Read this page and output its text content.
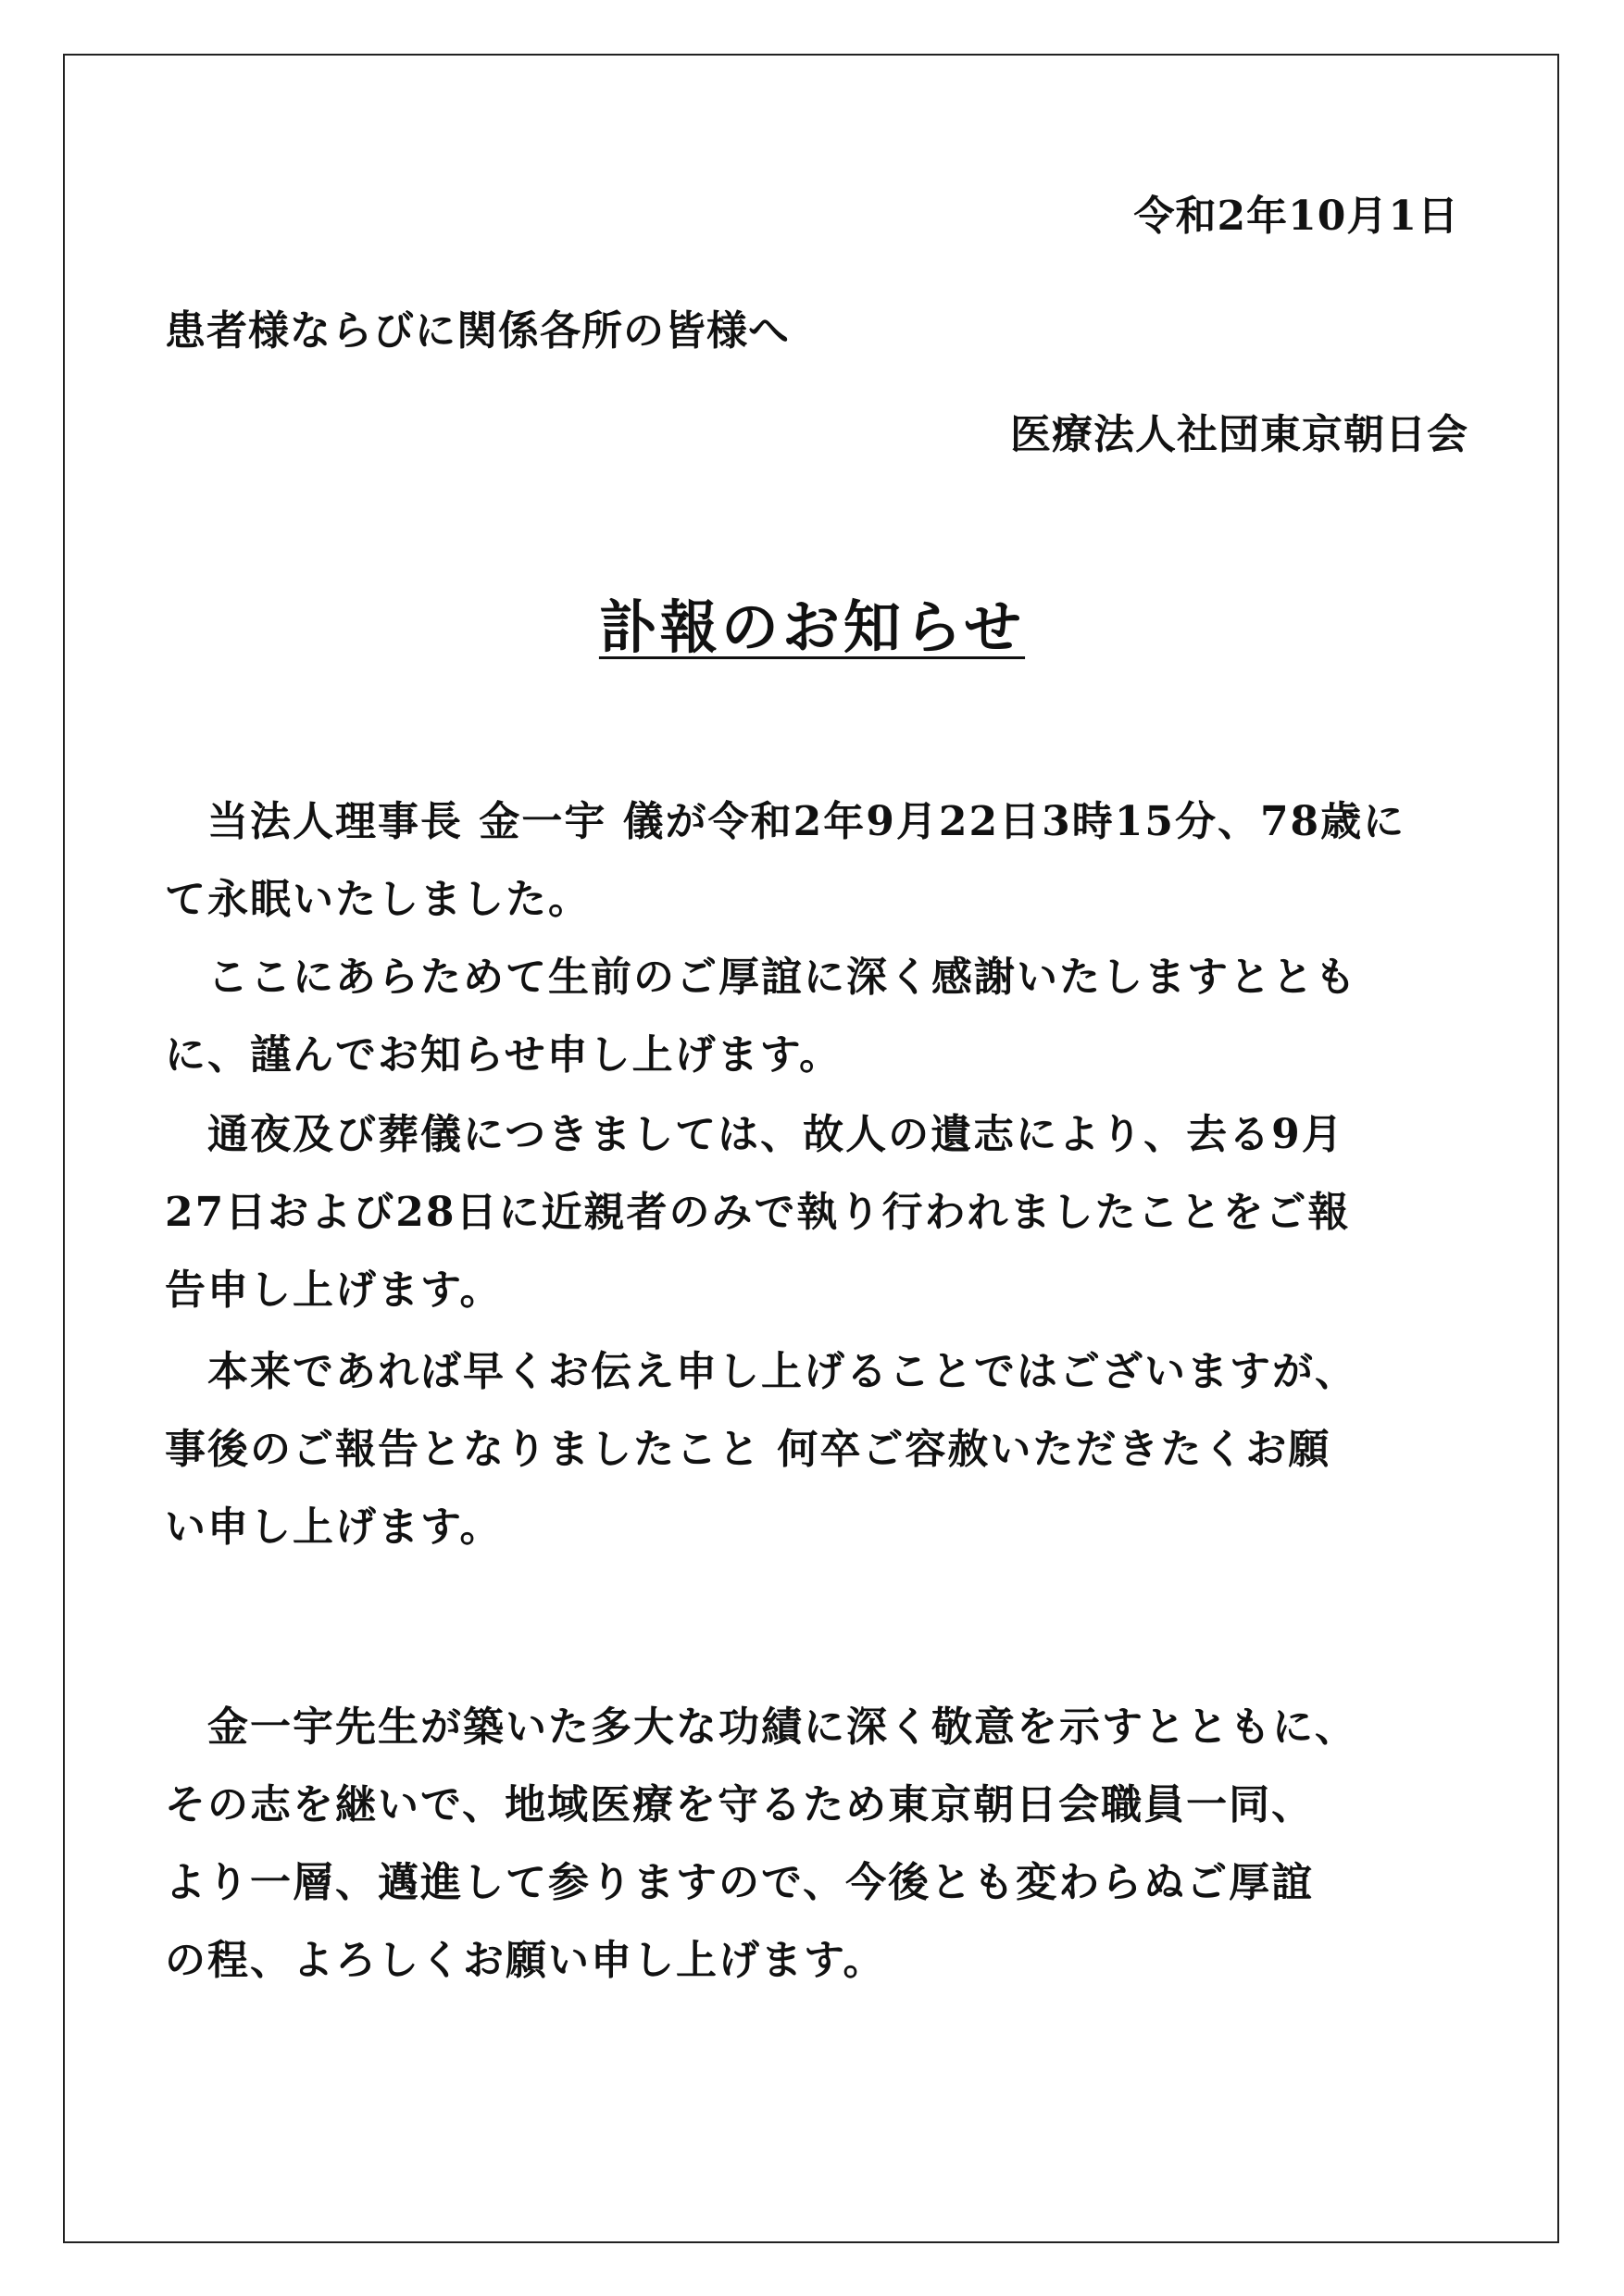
令和2年10月1日
患者様ならびに関係各所の皆様へ
医療法人社団東京朝日会
訃報のお知らせ
　当法人理事長 金一宇 儀が令和2年9月22日3時15分、78歳に
て永眠いたしました。
　ここにあらためて生前のご厚誼に深く感謝いたしますととも
に、謹んでお知らせ申し上げます。
　通夜及び葬儀につきましては、故人の遺志により、去る9月
27日および28日に近親者のみで執り行われましたことをご報
告申し上げます。
　本来であれば早くお伝え申し上げることではございますが、
事後のご報告となりましたこと 何卒ご容赦いただきたくお願
い申し上げます。
　金一宇先生が築いた多大な功績に深く敬意を示すとともに、
その志を継いで、地域医療を守るため東京朝日会職員一同、
より一層、邁進して参りますので、今後とも変わらぬご厚誼
の程、よろしくお願い申し上げます。
